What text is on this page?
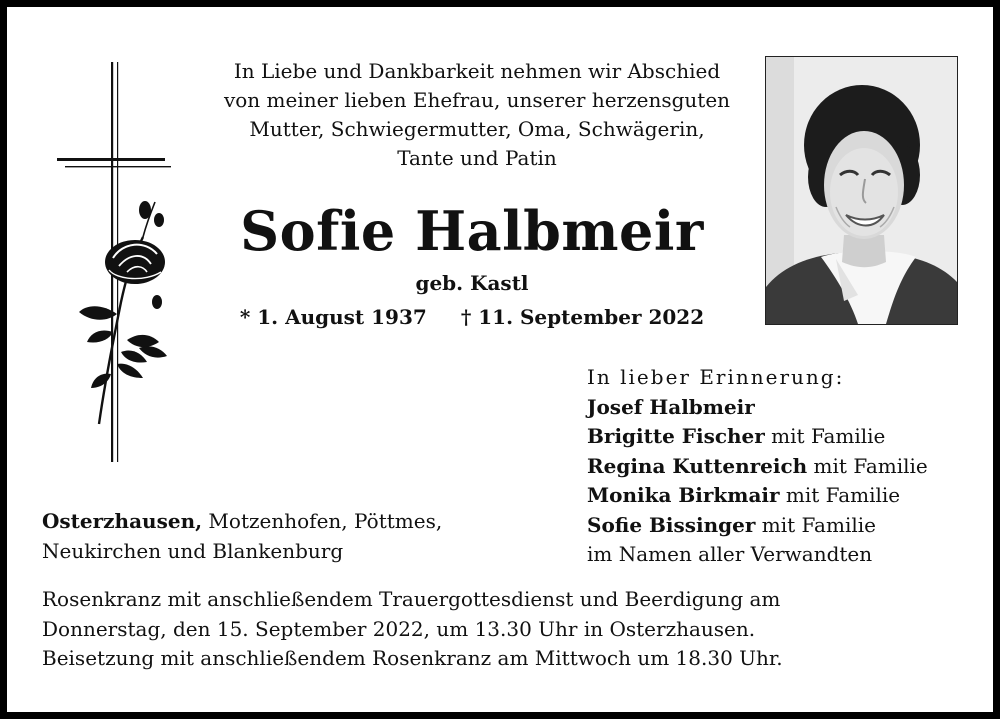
In Liebe und Dankbarkeit nehmen wir Abschied
von meiner lieben Ehefrau, unserer herzensguten
Mutter, Schwiegermutter, Oma, Schwägerin,
Tante und Patin
Sofie Halbmeir
geb. Kastl
* 1. August 1937 † 11. September 2022
In lieber Erinnerung:
Josef Halbmeir
Brigitte Fischer mit Familie
Regina Kuttenreich mit Familie
Monika Birkmair mit Familie
Sofie Bissinger mit Familie
im Namen aller Verwandten
Osterzhausen, Motzenhofen, Pöttmes,
Neukirchen und Blankenburg
Rosenkranz mit anschließendem Trauergottesdienst und Beerdigung am
Donnerstag, den 15. September 2022, um 13.30 Uhr in Osterzhausen.
Beisetzung mit anschließendem Rosenkranz am Mittwoch um 18.30 Uhr.
